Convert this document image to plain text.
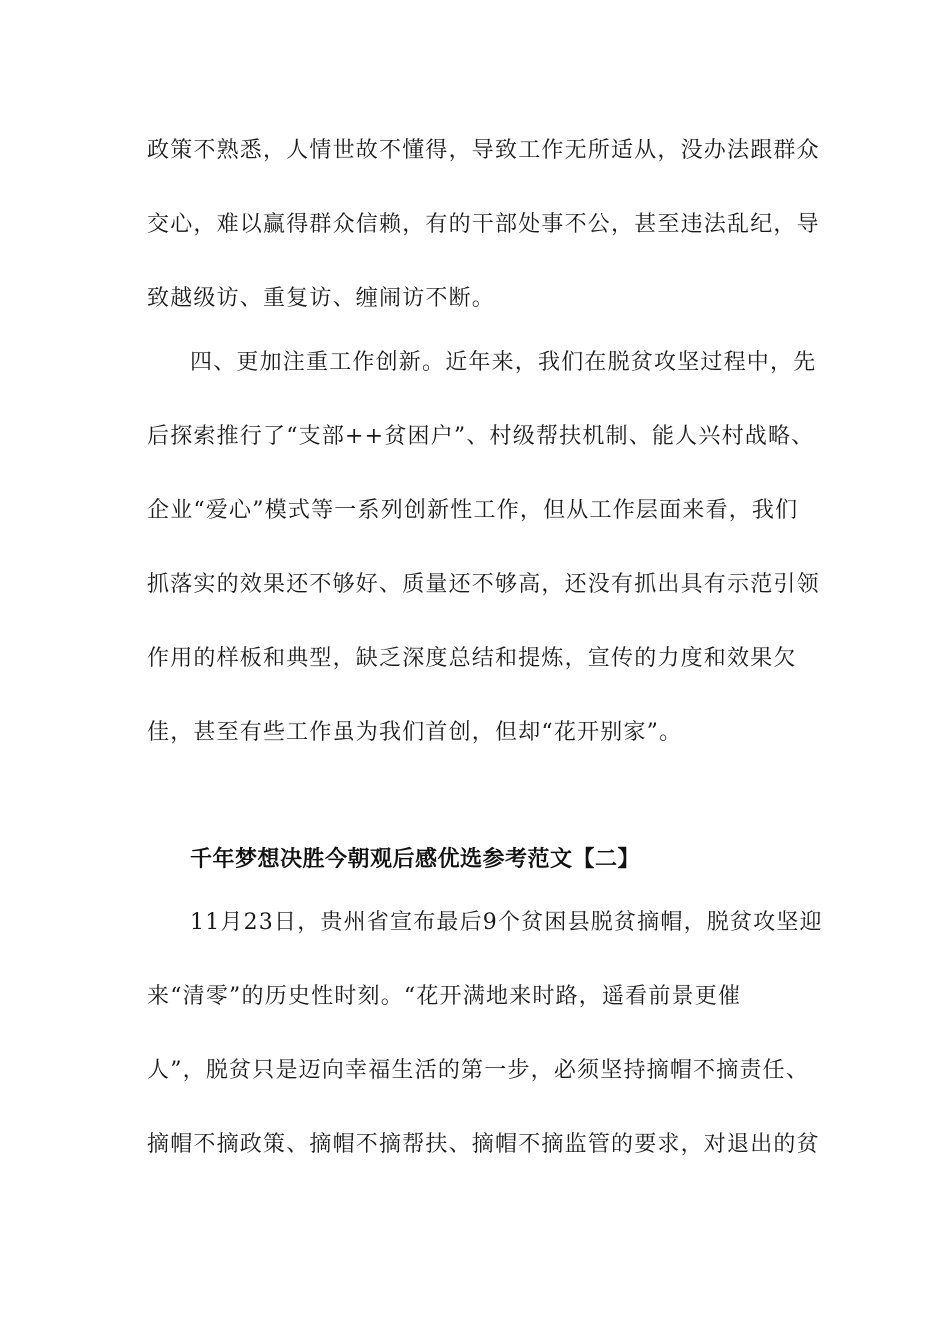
政策不熟悉，人情世故不懂得，导致工作无所适从，没办法跟群众

交心，难以赢得群众信赖，有的干部处事不公，甚至违法乱纪，导

致越级访、重复访、缠闹访不断。

四、更加注重工作创新。近年来，我们在脱贫攻坚过程中，先

后探索推行了“支部++贫困户”、村级帮扶机制、能人兴村战略、

企业“爱心”模式等一系列创新性工作，但从工作层面来看，我们

抓落实的效果还不够好、质量还不够高，还没有抓出具有示范引领

作用的样板和典型，缺乏深度总结和提炼，宣传的力度和效果欠

佳，甚至有些工作虽为我们首创，但却“花开别家”。

千年梦想决胜今朝观后感优选参考范文【二】

11月23日，贵州省宣布最后9个贫困县脱贫摘帽，脱贫攻坚迎

来“清零”的历史性时刻。“花开满地来时路，遥看前景更催

人”，脱贫只是迈向幸福生活的第一步，必须坚持摘帽不摘责任、

摘帽不摘政策、摘帽不摘帮扶、摘帽不摘监管的要求，对退出的贫
